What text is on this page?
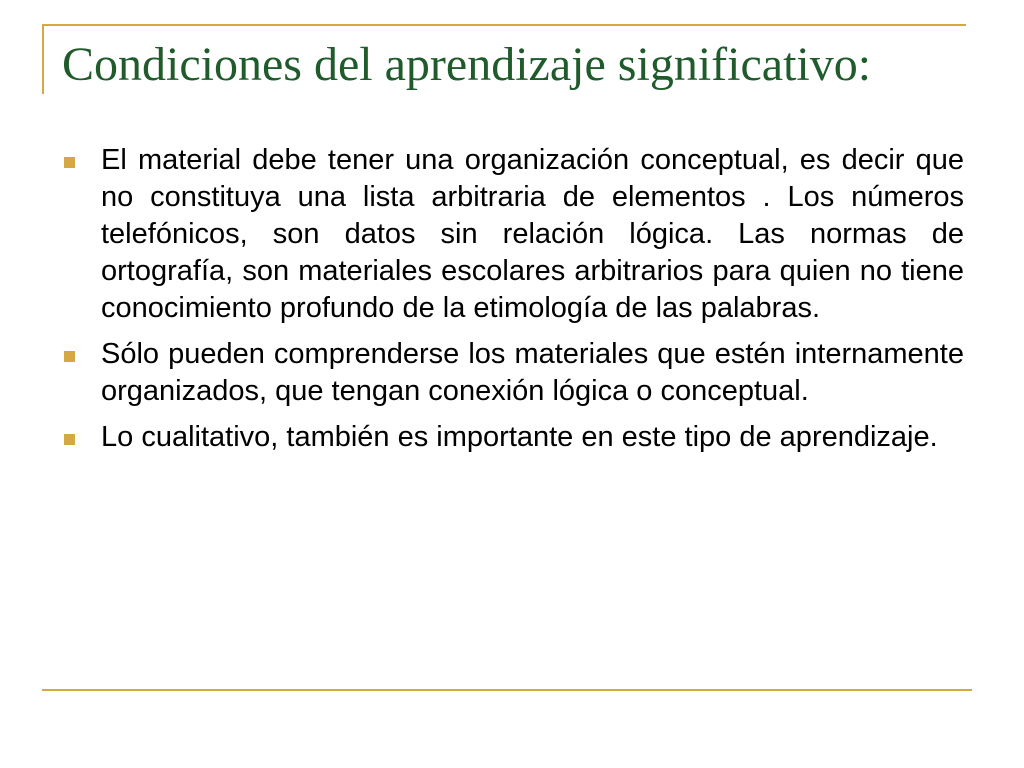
Condiciones del aprendizaje significativo:
El material debe tener una organización conceptual, es decir que no constituya una lista arbitraria de elementos . Los números telefónicos, son datos sin relación lógica. Las normas de ortografía, son materiales escolares arbitrarios para quien no tiene conocimiento profundo de la etimología de las palabras.
Sólo pueden comprenderse los materiales que estén internamente organizados, que tengan conexión lógica o conceptual.
Lo cualitativo, también es importante en este tipo de aprendizaje.
